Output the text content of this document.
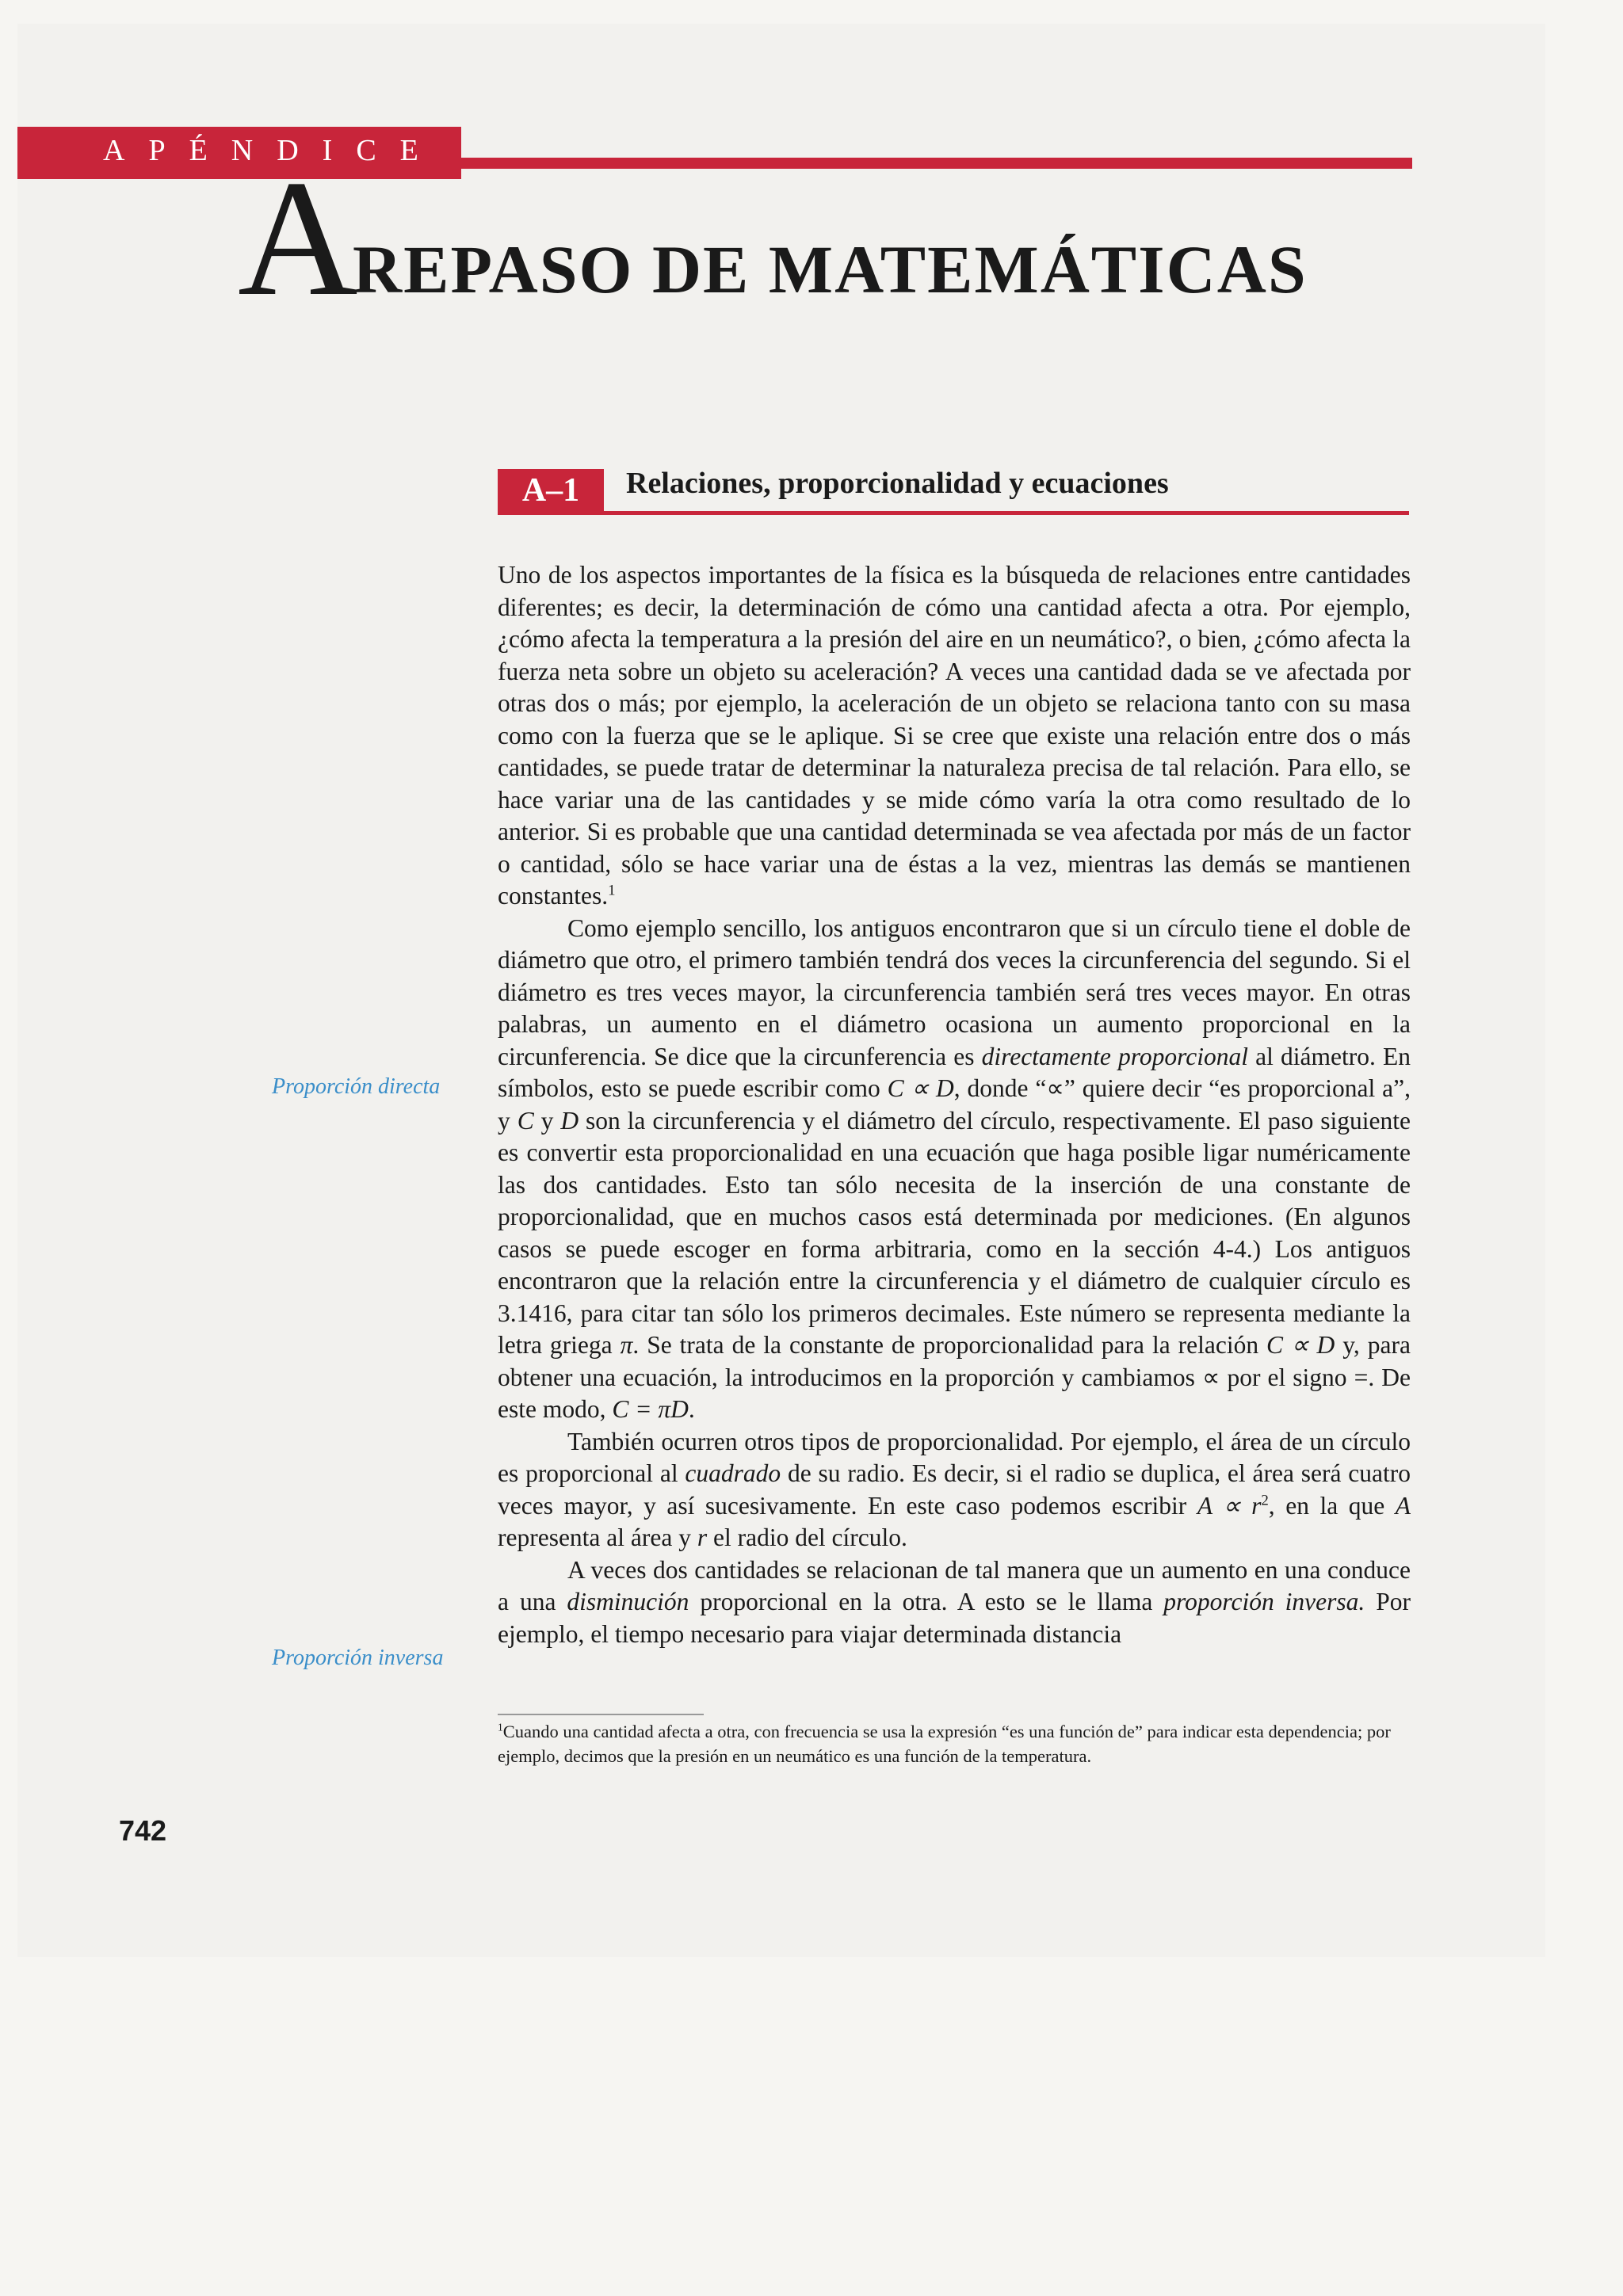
APÉNDICE
A
REPASO DE MATEMÁTICAS
A–1	Relaciones, proporcionalidad y ecuaciones
Proporción directa
Proporción inversa

Uno de los aspectos importantes de la física es la búsqueda de relaciones entre cantidades diferentes; es decir, la determinación de cómo una cantidad afecta a otra. Por ejemplo, ¿cómo afecta la temperatura a la presión del aire en un neumático?, o bien, ¿cómo afecta la fuerza neta sobre un objeto su aceleración? A veces una cantidad dada se ve afectada por otras dos o más; por ejemplo, la aceleración de un objeto se relaciona tanto con su masa como con la fuerza que se le aplique. Si se cree que existe una relación entre dos o más cantidades, se puede tratar de determinar la naturaleza precisa de tal relación. Para ello, se hace variar una de las cantidades y se mide cómo varía la otra como resultado de lo anterior. Si es probable que una cantidad determinada se vea afectada por más de un factor o cantidad, sólo se hace variar una de éstas a la vez, mientras las demás se mantienen constantes.$^1$

Como ejemplo sencillo, los antiguos encontraron que si un círculo tiene el doble de diámetro que otro, el primero también tendrá dos veces la circunferencia del segundo. Si el diámetro es tres veces mayor, la circunferencia también será tres veces mayor. En otras palabras, un aumento en el diámetro ocasiona un aumento proporcional en la circunferencia. Se dice que la circunferencia es directamente proporcional al diámetro. En símbolos, esto se puede escribir como C ∝ D, donde “∝” quiere decir “es proporcional a”, y C y D son la circunferencia y el diámetro del círculo, respectivamente. El paso siguiente es convertir esta proporcionalidad en una ecuación que haga posible ligar numéricamente las dos cantidades. Esto tan sólo necesita de la inserción de una constante de proporcionalidad, que en muchos casos está determinada por mediciones. (En algunos casos se puede escoger en forma arbitraria, como en la sección 4-4.) Los antiguos encontraron que la relación entre la circunferencia y el diámetro de cualquier círculo es 3.1416, para citar tan sólo los primeros decimales. Este número se representa mediante la letra griega π. Se trata de la constante de proporcionalidad para la relación C ∝ D y, para obtener una ecuación, la introducimos en la proporción y cambiamos ∝ por el signo =. De este modo, C = πD.

También ocurren otros tipos de proporcionalidad. Por ejemplo, el área de un círculo es proporcional al cuadrado de su radio. Es decir, si el radio se duplica, el área será cuatro veces mayor, y así sucesivamente. En este caso podemos escribir $A \propto r^2$, en la que A representa al área y r el radio del círculo.

A veces dos cantidades se relacionan de tal manera que un aumento en una conduce a una disminución proporcional en la otra. A esto se le llama proporción inversa. Por ejemplo, el tiempo necesario para viajar determinada distancia

$^1$Cuando una cantidad afecta a otra, con frecuencia se usa la expresión “es una función de” para indicar esta dependencia; por ejemplo, decimos que la presión en un neumático es una función de la temperatura.
742
